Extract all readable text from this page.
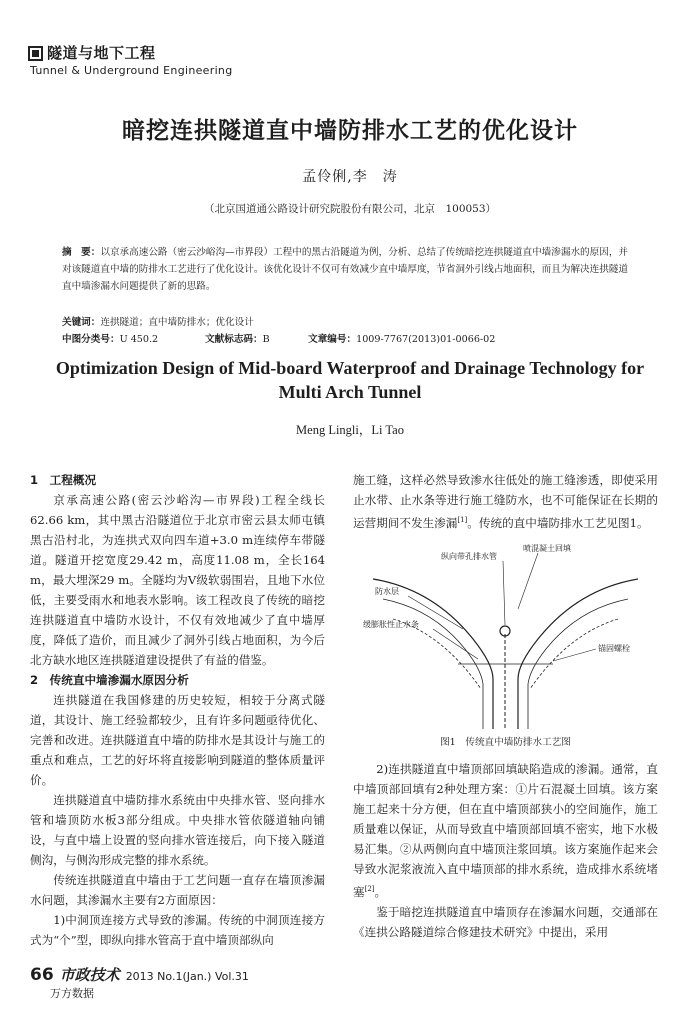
隧道与地下工程
Tunnel & Underground Engineering
暗挖连拱隧道直中墙防排水工艺的优化设计
孟伶俐,李　涛
（北京国道通公路设计研究院股份有限公司，北京　100053）
摘　要：以京承高速公路（密云沙峪沟—市界段）工程中的黑古沿隧道为例，分析、总结了传统暗挖连拱隧道直中墙渗漏水的原因，并对该隧道直中墙的防排水工艺进行了优化设计。该优化设计不仅可有效减少直中墙厚度，节省洞外引线占地面积，而且为解决连拱隧道直中墙渗漏水问题提供了新的思路。
关键词：连拱隧道；直中墙防排水；优化设计
中图分类号：U 450.2	文献标志码：B	文章编号：1009-7767(2013)01-0066-02
Optimization Design of Mid-board Waterproof and Drainage Technology for Multi Arch Tunnel
Meng Lingli，Li Tao
1　工程概况

京承高速公路(密云沙峪沟—市界段)工程全线长62.66 km，其中黑古沿隧道位于北京市密云县太师屯镇黑古沿村北，为连拱式双向四车道+3.0 m连续停车带隧道。隧道开挖宽度29.42 m，高度11.08 m，全长164 m，最大埋深29 m。全隧均为V级软弱围岩，且地下水位低，主要受雨水和地表水影响。该工程改良了传统的暗挖连拱隧道直中墙防水设计，不仅有效地减少了直中墙厚度，降低了造价，而且减少了洞外引线占地面积，为今后北方缺水地区连拱隧道建设提供了有益的借鉴。

2　传统直中墙渗漏水原因分析

连拱隧道在我国修建的历史较短，相较于分离式隧道，其设计、施工经验都较少，且有许多问题亟待优化、完善和改进。连拱隧道直中墙的防排水是其设计与施工的重点和难点，工艺的好坏将直接影响到隧道的整体质量评价。

连拱隧道直中墙防排水系统由中央排水管、竖向排水管和墙顶防水板3部分组成。中央排水管依隧道轴向铺设，与直中墙上设置的竖向排水管连接后，向下接入隧道侧沟，与侧沟形成完整的排水系统。

传统连拱隧道直中墙由于工艺问题一直存在墙顶渗漏水问题，其渗漏水主要有2方面原因：

1)中洞顶连接方式导致的渗漏。传统的中洞顶连接方式为“个”型，即纵向排水管高于直中墙顶部纵向

施工缝，这样必然导致渗水往低处的施工缝渗透，即使采用止水带、止水条等进行施工缝防水，也不可能保证在长期的运营期间不发生渗漏[1]。传统的直中墙防排水工艺见图1。

纵向带孔排水管
喷混凝土回填
防水层
缓膨胀性止水条
锚固螺栓
图1　传统直中墙防排水工艺图

2)连拱隧道直中墙顶部回填缺陷造成的渗漏。通常，直中墙顶部回填有2种处理方案：①片石混凝土回填。该方案施工起来十分方便，但在直中墙顶部狭小的空间施作，施工质量难以保证，从而导致直中墙顶部回填不密实，地下水极易汇集。②从两侧向直中墙顶注浆回填。该方案施作起来会导致水泥浆液流入直中墙顶部的排水系统，造成排水系统堵塞[2]。

鉴于暗挖连拱隧道直中墙顶存在渗漏水问题，交通部在《连拱公路隧道综合修建技术研究》中提出，采用

66 市政技术 2013 No.1(Jan.) Vol.31
万方数据
